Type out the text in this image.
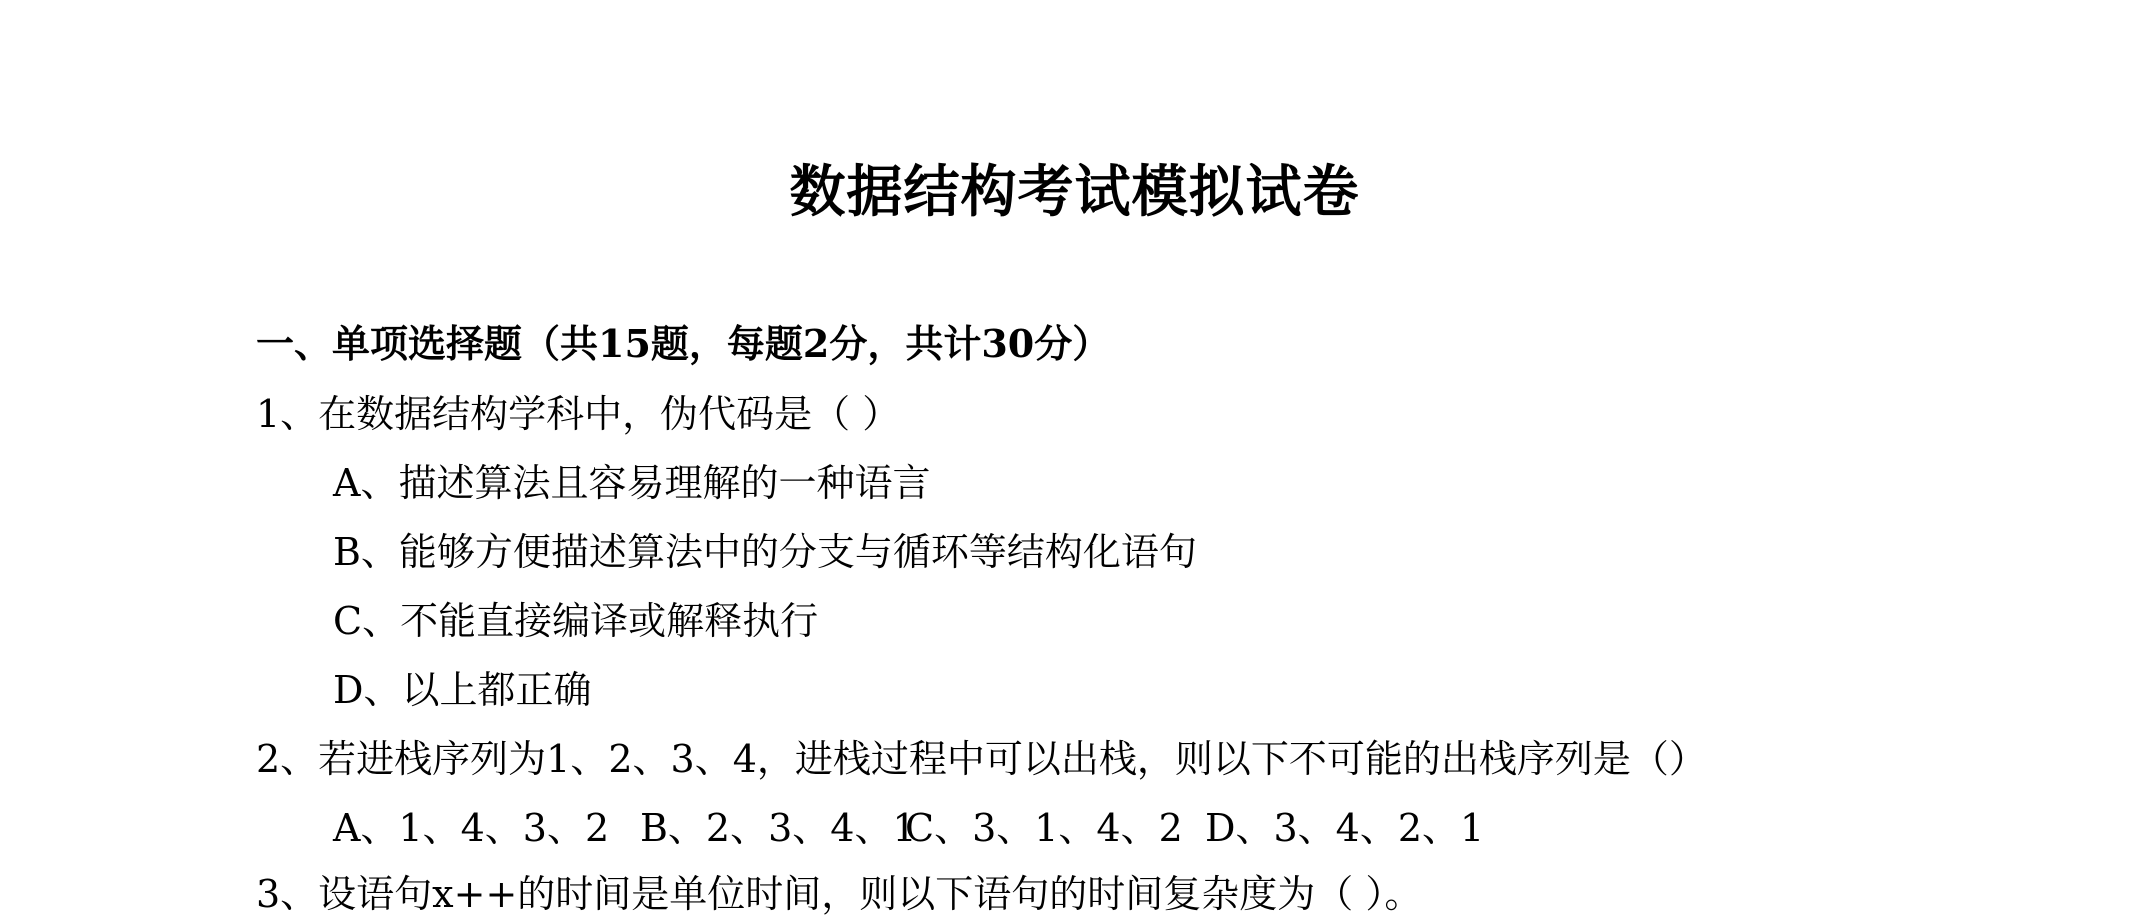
数据结构考试模拟试卷
一、单项选择题（共15题，每题2分，共计30分）
1、在数据结构学科中，伪代码是（ ）
A、描述算法且容易理解的一种语言
B、能够方便描述算法中的分支与循环等结构化语句
C、不能直接编译或解释执行
D、以上都正确
2、若进栈序列为1、2、3、4，进栈过程中可以出栈，则以下不可能的出栈序列是（）
A、1、4、3、2 B、2、3、4、1
C、3、1、4、2 D、3、4、2、1
3、设语句x++的时间是单位时间，则以下语句的时间复杂度为（ ）。
